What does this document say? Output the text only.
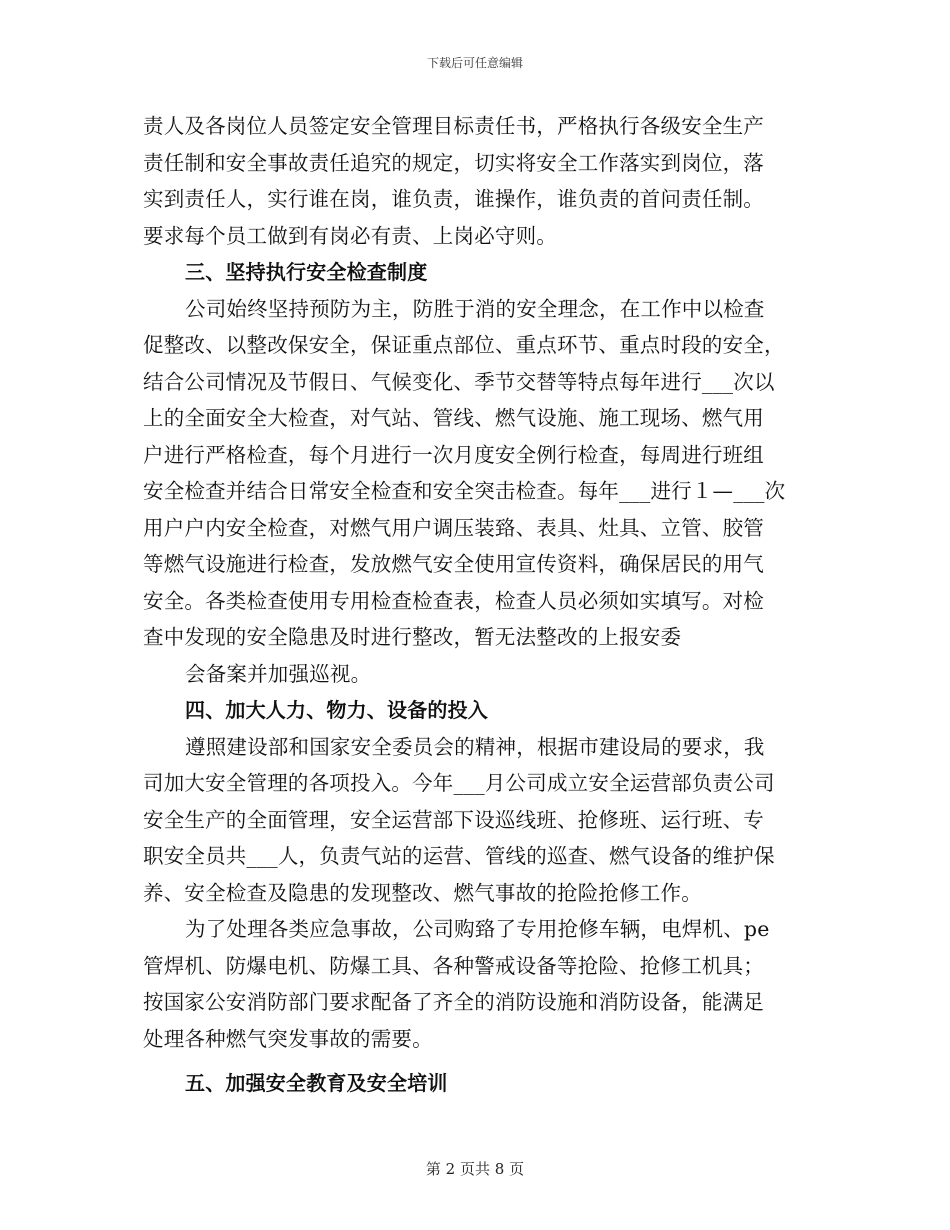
下载后可任意编辑
责人及各岗位人员签定安全管理目标责任书，严格执行各级安全生产
责任制和安全事故责任追究的规定，切实将安全工作落实到岗位，落
实到责任人，实行谁在岗，谁负责，谁操作，谁负责的首问责任制。
要求每个员工做到有岗必有责、上岗必守则。
三、坚持执行安全检查制度
公司始终坚持预防为主，防胜于消的安全理念，在工作中以检查
促整改、以整改保安全，保证重点部位、重点环节、重点时段的安全，
结合公司情况及节假日、气候变化、季节交替等特点每年进行___次以
上的全面安全大检查，对气站、管线、燃气设施、施工现场、燃气用
户进行严格检查，每个月进行一次月度安全例行检查，每周进行班组
安全检查并结合日常安全检查和安全突击检查。每年___进行１—___次
用户户内安全检查，对燃气用户调压装臵、表具、灶具、立管、胶管
等燃气设施进行检查，发放燃气安全使用宣传资料，确保居民的用气
安全。各类检查使用专用检查检查表，检查人员必须如实填写。对检
查中发现的安全隐患及时进行整改，暂无法整改的上报安委
会备案并加强巡视。
四、加大人力、物力、设备的投入
遵照建设部和国家安全委员会的精神，根据市建设局的要求，我
司加大安全管理的各项投入。今年___月公司成立安全运营部负责公司
安全生产的全面管理，安全运营部下设巡线班、抢修班、运行班、专
职安全员共___人，负责气站的运营、管线的巡查、燃气设备的维护保
养、安全检查及隐患的发现整改、燃气事故的抢险抢修工作。
为了处理各类应急事故，公司购臵了专用抢修车辆，电焊机、pe
管焊机、防爆电机、防爆工具、各种警戒设备等抢险、抢修工机具；
按国家公安消防部门要求配备了齐全的消防设施和消防设备，能满足
处理各种燃气突发事故的需要。
五、加强安全教育及安全培训
第 2 页共 8 页
